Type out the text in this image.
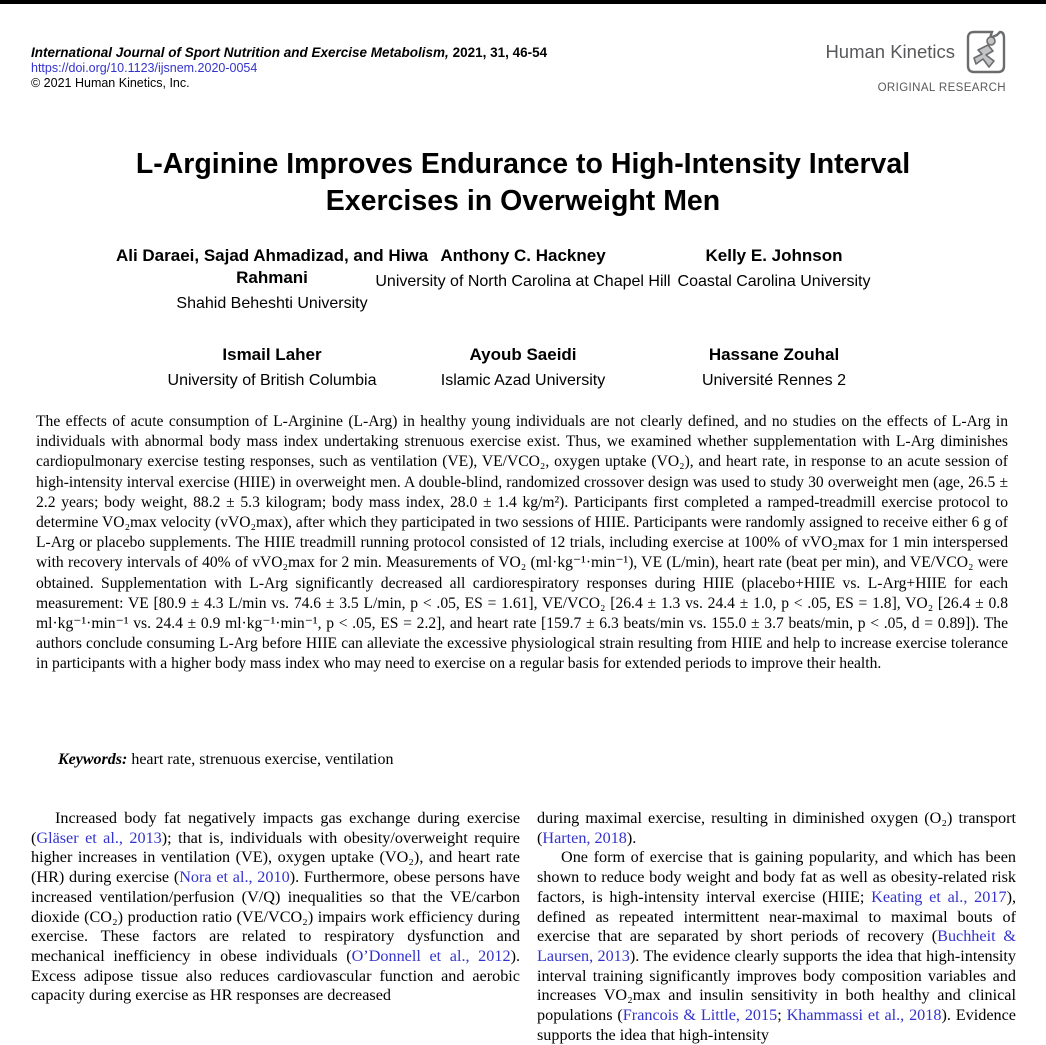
International Journal of Sport Nutrition and Exercise Metabolism, 2021, 31, 46-54
https://doi.org/10.1123/ijsnem.2020-0054
© 2021 Human Kinetics, Inc.
Human Kinetics
ORIGINAL RESEARCH
L-Arginine Improves Endurance to High-Intensity Interval
Exercises in Overweight Men
Ali Daraei, Sajad Ahmadizad, and Hiwa Rahmani
Shahid Beheshti University
Anthony C. Hackney
University of North Carolina at Chapel Hill
Kelly E. Johnson
Coastal Carolina University
Ismail Laher
University of British Columbia
Ayoub Saeidi
Islamic Azad University
Hassane Zouhal
Université Rennes 2
The effects of acute consumption of L-Arginine (L-Arg) in healthy young individuals are not clearly defined, and no studies on the effects of L-Arg in individuals with abnormal body mass index undertaking strenuous exercise exist. Thus, we examined whether supplementation with L-Arg diminishes cardiopulmonary exercise testing responses, such as ventilation (VE), VE/VCO₂, oxygen uptake (VO₂), and heart rate, in response to an acute session of high-intensity interval exercise (HIIE) in overweight men. A double-blind, randomized crossover design was used to study 30 overweight men (age, 26.5 ± 2.2 years; body weight, 88.2 ± 5.3 kilogram; body mass index, 28.0 ± 1.4 kg/m²). Participants first completed a ramped-treadmill exercise protocol to determine VO₂max velocity (vVO₂max), after which they participated in two sessions of HIIE. Participants were randomly assigned to receive either 6 g of L-Arg or placebo supplements. The HIIE treadmill running protocol consisted of 12 trials, including exercise at 100% of vVO₂max for 1 min interspersed with recovery intervals of 40% of vVO₂max for 2 min. Measurements of VO₂ (ml·kg⁻¹·min⁻¹), VE (L/min), heart rate (beat per min), and VE/VCO₂ were obtained. Supplementation with L-Arg significantly decreased all cardiorespiratory responses during HIIE (placebo+HIIE vs. L-Arg+HIIE for each measurement: VE [80.9 ± 4.3 L/min vs. 74.6 ± 3.5 L/min, p < .05, ES = 1.61], VE/VCO₂ [26.4 ± 1.3 vs. 24.4 ± 1.0, p < .05, ES = 1.8], VO₂ [26.4 ± 0.8 ml·kg⁻¹·min⁻¹ vs. 24.4 ± 0.9 ml·kg⁻¹·min⁻¹, p < .05, ES = 2.2], and heart rate [159.7 ± 6.3 beats/min vs. 155.0 ± 3.7 beats/min, p < .05, d = 0.89]). The authors conclude consuming L-Arg before HIIE can alleviate the excessive physiological strain resulting from HIIE and help to increase exercise tolerance in participants with a higher body mass index who may need to exercise on a regular basis for extended periods to improve their health.
Keywords: heart rate, strenuous exercise, ventilation

Increased body fat negatively impacts gas exchange during exercise (Gläser et al., 2013); that is, individuals with obesity/overweight require higher increases in ventilation (VE), oxygen uptake (VO₂), and heart rate (HR) during exercise (Nora et al., 2010). Furthermore, obese persons have increased ventilation/perfusion (V/Q) inequalities so that the VE/carbon dioxide (CO₂) production ratio (VE/VCO₂) impairs work efficiency during exercise. These factors are related to respiratory dysfunction and mechanical inefficiency in obese individuals (O’Donnell et al., 2012). Excess adipose tissue also reduces cardiovascular function and aerobic capacity during exercise as HR responses are decreased

during maximal exercise, resulting in diminished oxygen (O₂) transport (Harten, 2018).

One form of exercise that is gaining popularity, and which has been shown to reduce body weight and body fat as well as obesity-related risk factors, is high-intensity interval exercise (HIIE; Keating et al., 2017), defined as repeated intermittent near-maximal to maximal bouts of exercise that are separated by short periods of recovery (Buchheit & Laursen, 2013). The evidence clearly supports the idea that high-intensity interval training significantly improves body composition variables and increases VO₂max and insulin sensitivity in both healthy and clinical populations (Francois & Little, 2015; Khammassi et al., 2018). Evidence supports the idea that high-intensity
